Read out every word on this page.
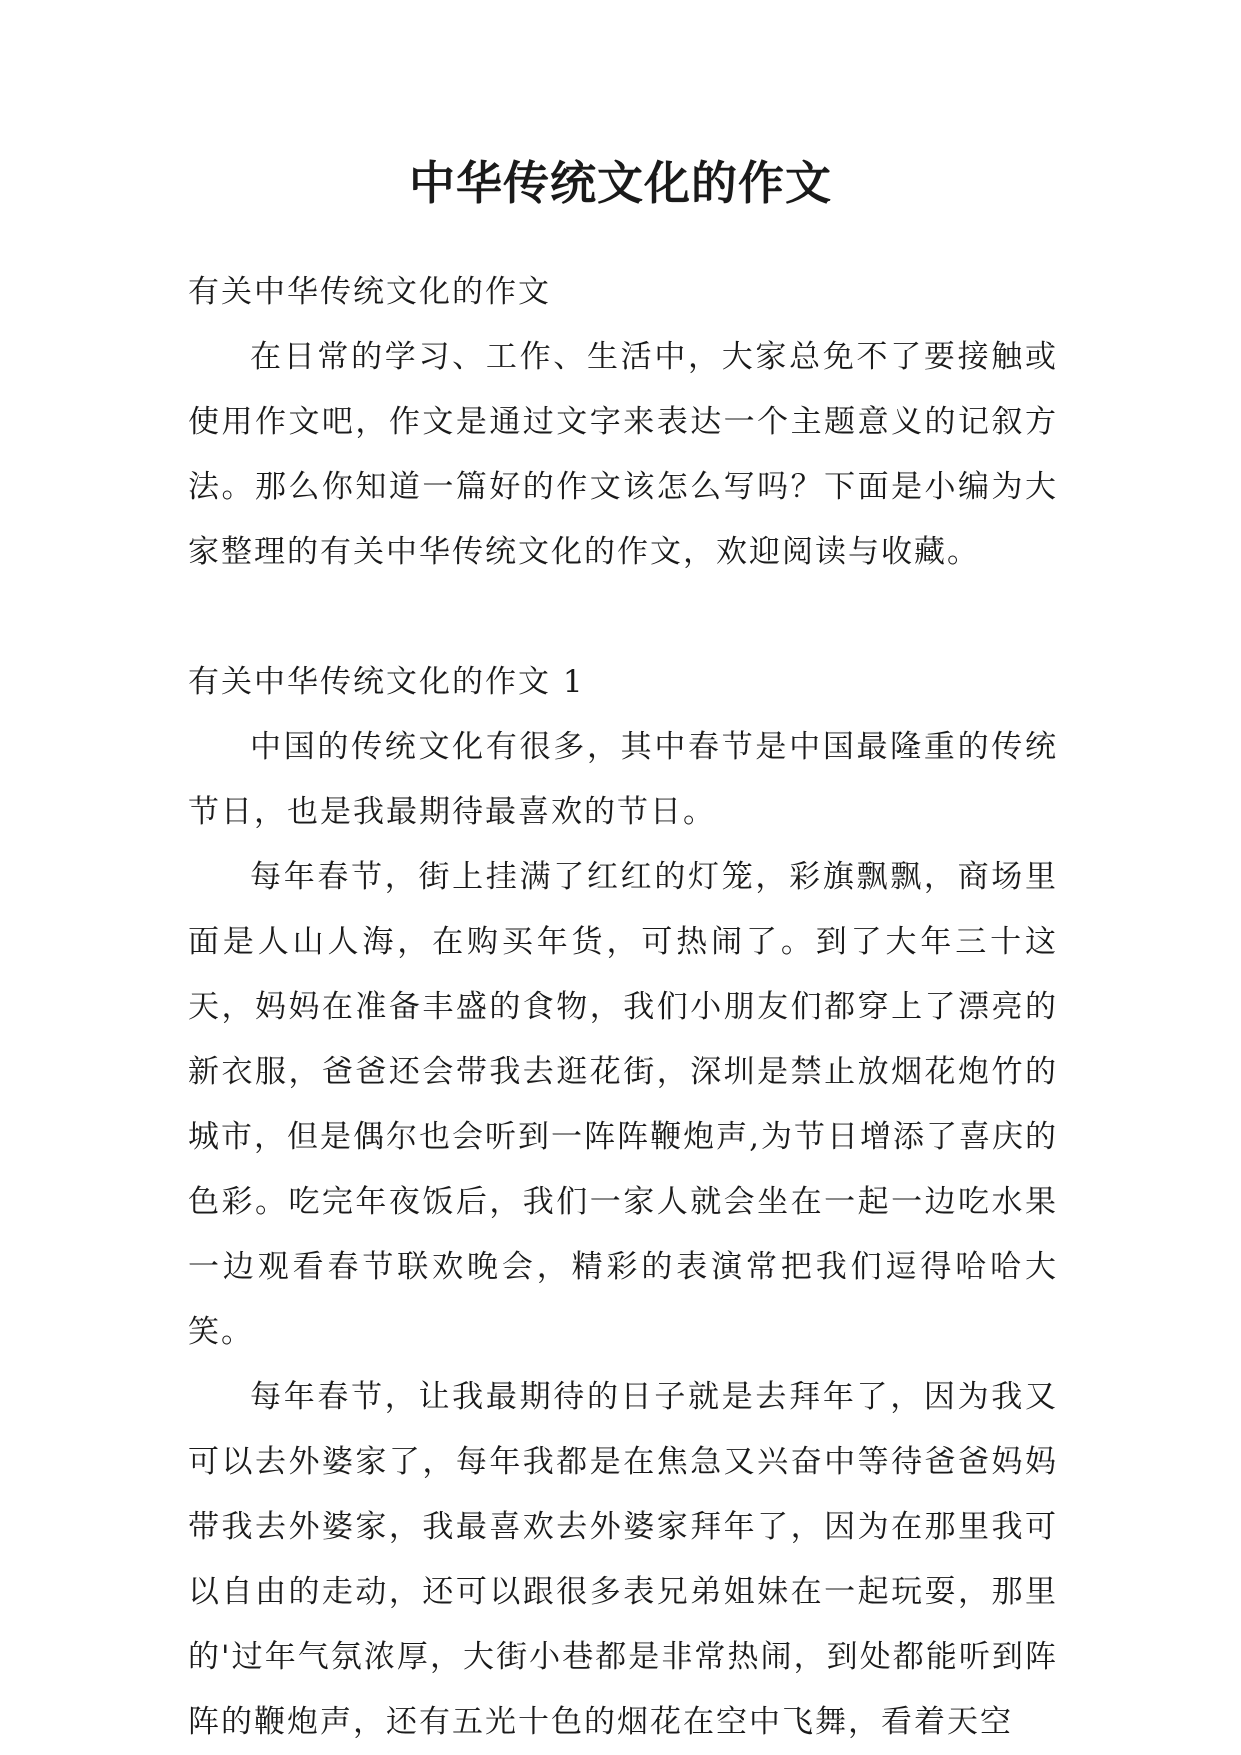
中华传统文化的作文

有关中华传统文化的作文

在日常的学习、工作、生活中，大家总免不了要接触或使用作文吧，作文是通过文字来表达一个主题意义的记叙方法。那么你知道一篇好的作文该怎么写吗？下面是小编为大家整理的有关中华传统文化的作文，欢迎阅读与收藏。

有关中华传统文化的作文 1

中国的传统文化有很多，其中春节是中国最隆重的传统节日，也是我最期待最喜欢的节日。

每年春节，街上挂满了红红的灯笼，彩旗飘飘，商场里面是人山人海，在购买年货，可热闹了。到了大年三十这天，妈妈在准备丰盛的食物，我们小朋友们都穿上了漂亮的新衣服，爸爸还会带我去逛花街，深圳是禁止放烟花炮竹的城市，但是偶尔也会听到一阵阵鞭炮声,为节日增添了喜庆的色彩。吃完年夜饭后，我们一家人就会坐在一起一边吃水果一边观看春节联欢晚会，精彩的表演常把我们逗得哈哈大笑。

每年春节，让我最期待的日子就是去拜年了，因为我又可以去外婆家了，每年我都是在焦急又兴奋中等待爸爸妈妈带我去外婆家，我最喜欢去外婆家拜年了，因为在那里我可以自由的走动，还可以跟很多表兄弟姐妹在一起玩耍，那里的'过年气氛浓厚，大街小巷都是非常热闹，到处都能听到阵阵的鞭炮声，还有五光十色的烟花在空中飞舞，看着天空
